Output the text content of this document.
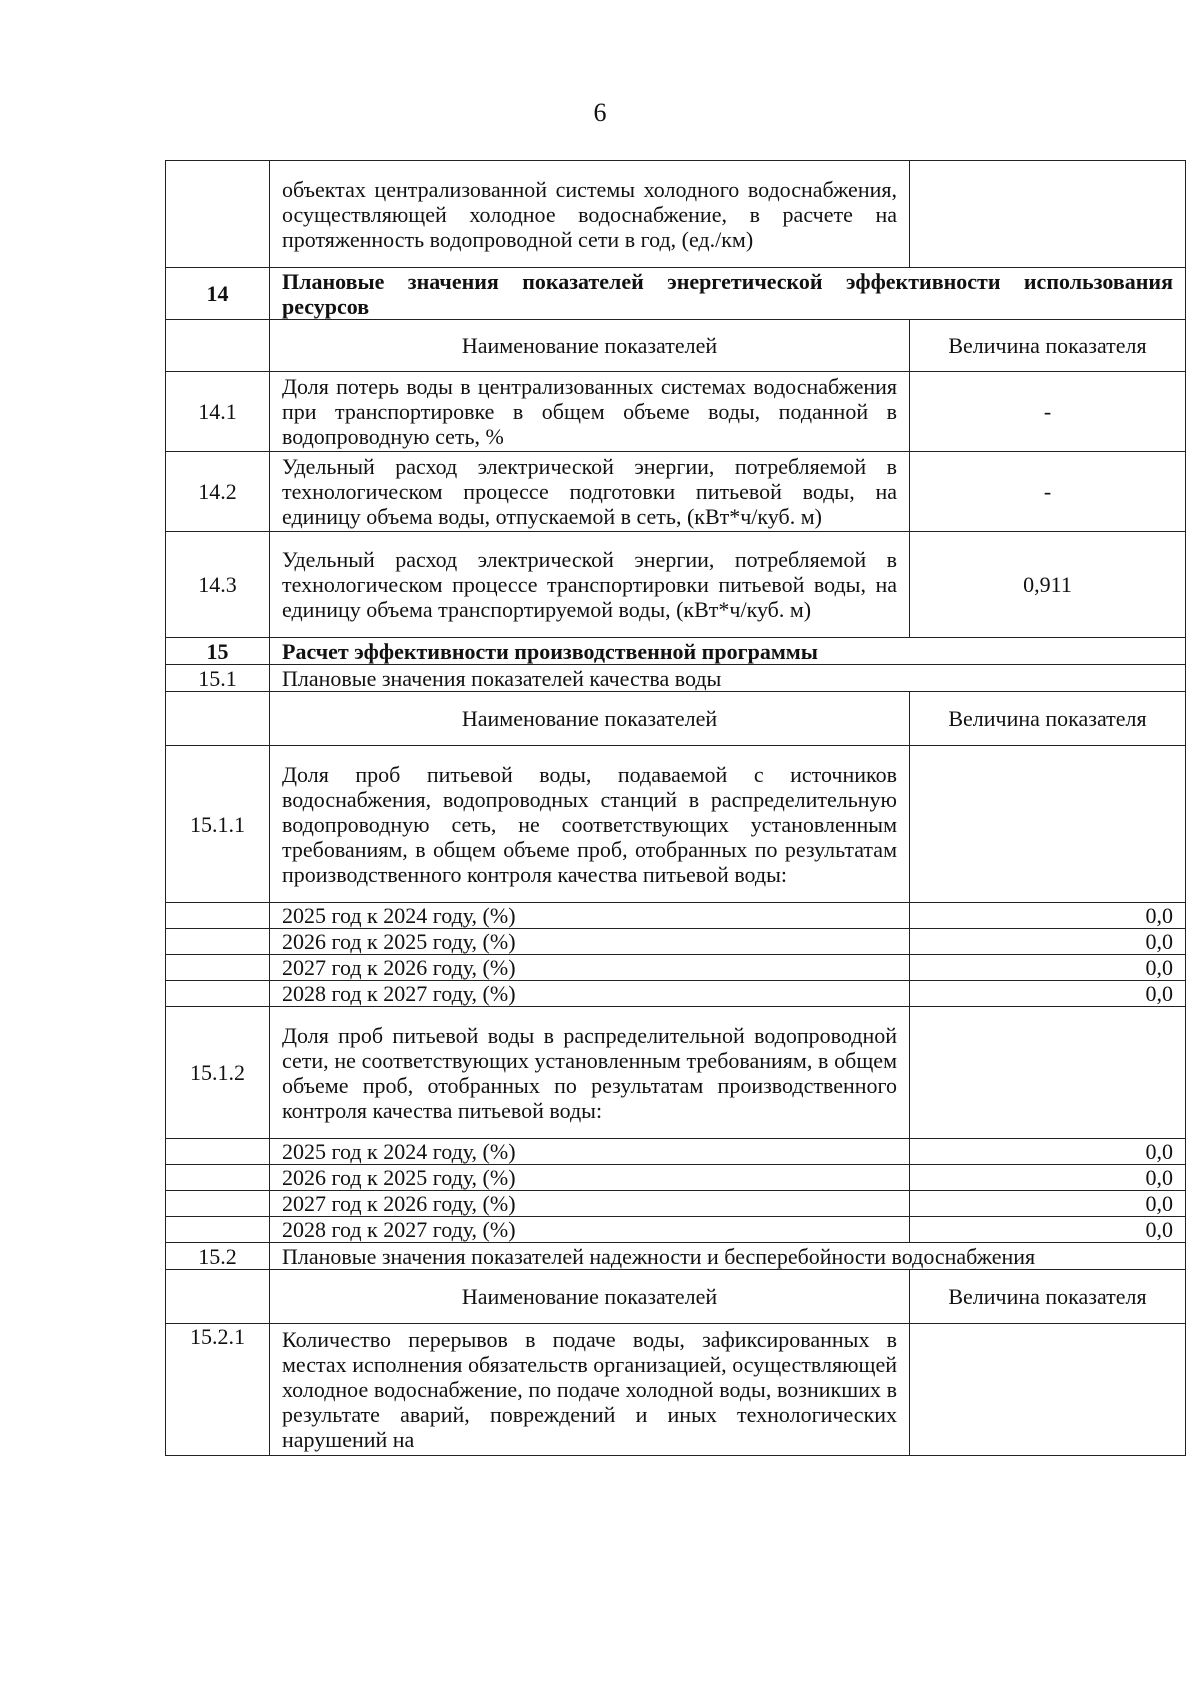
6
	объектах централизованной системы холодного водоснабжения, осуществляющей холодное водоснабжение, в расчете на протяженность водопроводной сети в год, (ед./км)	
14	Плановые значения показателей энергетической эффективности использования ресурсов	
	Наименование показателей	Величина показателя
14.1	Доля потерь воды в централизованных системах водоснабжения при транспортировке в общем объеме воды, поданной в водопроводную сеть, %	-
14.2	Удельный расход электрической энергии, потребляемой в технологическом процессе подготовки питьевой воды, на единицу объема воды, отпускаемой в сеть, (кВт*ч/куб. м)	-
14.3	Удельный расход электрической энергии, потребляемой в технологическом процессе транспортировки питьевой воды, на единицу объема транспортируемой воды, (кВт*ч/куб. м)	0,911
15	Расчет эффективности производственной программы	
15.1	Плановые значения показателей качества воды	
	Наименование показателей	Величина показателя
15.1.1	Доля проб питьевой воды, подаваемой с источников водоснабжения, водопроводных станций в распределительную водопроводную сеть, не соответствующих установленным требованиям, в общем объеме проб, отобранных по результатам производственного контроля качества питьевой воды:	
	2025 год к 2024 году, (%)	0,0
	2026 год к 2025 году, (%)	0,0
	2027 год к 2026 году, (%)	0,0
	2028 год к 2027 году, (%)	0,0
15.1.2	Доля проб питьевой воды в распределительной водопроводной сети, не соответствующих установленным требованиям, в общем объеме проб, отобранных по результатам производственного контроля качества питьевой воды:	
	2025 год к 2024 году, (%)	0,0
	2026 год к 2025 году, (%)	0,0
	2027 год к 2026 году, (%)	0,0
	2028 год к 2027 году, (%)	0,0
15.2	Плановые значения показателей надежности и бесперебойности водоснабжения	
	Наименование показателей	Величина показателя
15.2.1	Количество перерывов в подаче воды, зафиксированных в местах исполнения обязательств организацией, осуществляющей холодное водоснабжение, по подаче холодной воды, возникших в результате аварий, повреждений и иных технологических нарушений на	
